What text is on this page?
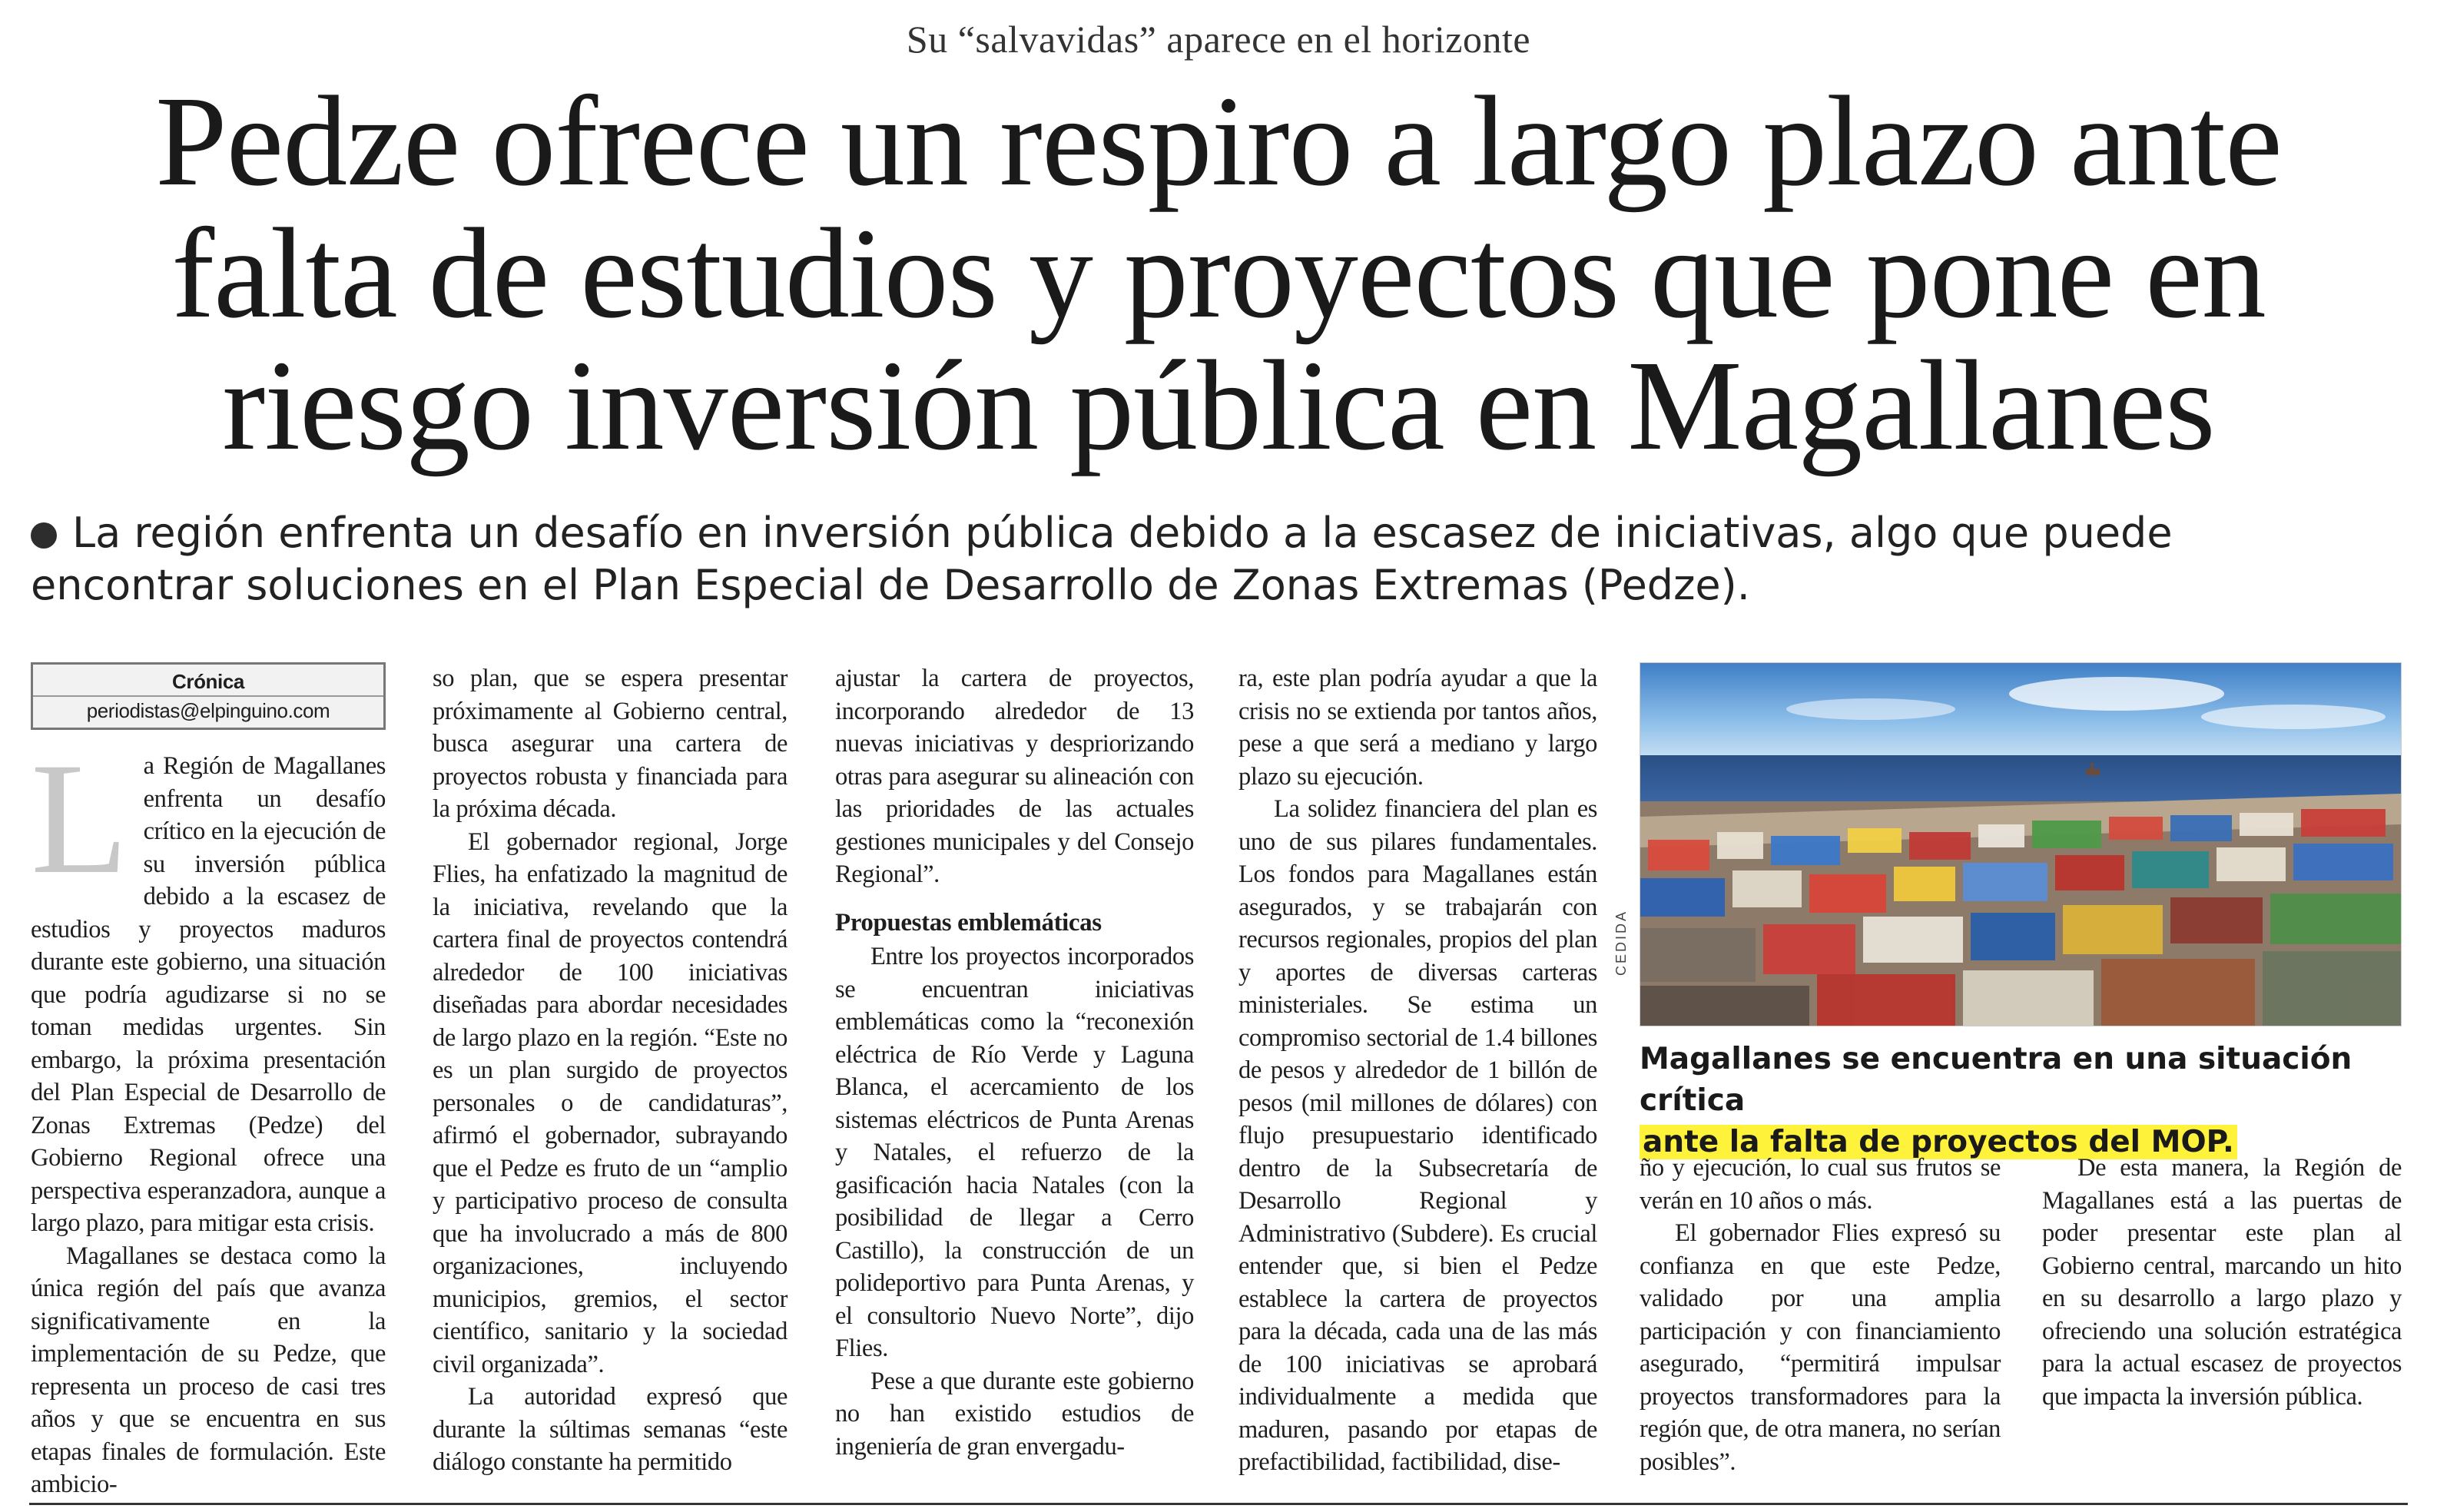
Su “salvavidas” aparece en el horizonte
Pedze ofrece un respiro a largo plazo ante falta de estudios y proyectos que pone en riesgo inversión pública en Magallanes
La región enfrenta un desafío en inversión pública debido a la escasez de iniciativas, algo que puede encontrar soluciones en el Plan Especial de Desarrollo de Zonas Extremas (Pedze).
Crónica
periodistas@elpinguino.com

La Región de Magallanes enfrenta un desafío crítico en la ejecución de su inversión pública debido a la escasez de estudios y proyectos maduros durante este gobierno, una situación que podría agudizarse si no se toman medidas urgentes. Sin embargo, la próxima presentación del Plan Especial de Desarrollo de Zonas Extremas (Pedze) del Gobierno Regional ofrece una perspectiva esperanzadora, aunque a largo plazo, para mitigar esta crisis.

Magallanes se destaca como la única región del país que avanza significativamente en la implementación de su Pedze, que representa un proceso de casi tres años y que se encuentra en sus etapas finales de formulación. Este ambicio-

so plan, que se espera presentar próximamente al Gobierno central, busca asegurar una cartera de proyectos robusta y financiada para la próxima década.

El gobernador regional, Jorge Flies, ha enfatizado la magnitud de la iniciativa, revelando que la cartera final de proyectos contendrá alrededor de 100 iniciativas diseñadas para abordar necesidades de largo plazo en la región. “Este no es un plan surgido de proyectos personales o de candidaturas”, afirmó el gobernador, subrayando que el Pedze es fruto de un “amplio y participativo proceso de consulta que ha involucrado a más de 800 organizaciones, incluyendo municipios, gremios, el sector científico, sanitario y la sociedad civil organizada”.

La autoridad expresó que durante la súltimas semanas “este diálogo constante ha permitido

ajustar la cartera de proyectos, incorporando alrededor de 13 nuevas iniciativas y despriorizando otras para asegurar su alineación con las prioridades de las actuales gestiones municipales y del Consejo Regional”.

Propuestas emblemáticas

Entre los proyectos incorporados se encuentran iniciativas emblemáticas como la “reconexión eléctrica de Río Verde y Laguna Blanca, el acercamiento de los sistemas eléctricos de Punta Arenas y Natales, el refuerzo de la gasificación hacia Natales (con la posibilidad de llegar a Cerro Castillo), la construcción de un polideportivo para Punta Arenas, y el consultorio Nuevo Norte”, dijo Flies.

Pese a que durante este gobierno no han existido estudios de ingeniería de gran envergadu-

ra, este plan podría ayudar a que la crisis no se extienda por tantos años, pese a que será a mediano y largo plazo su ejecución.

La solidez financiera del plan es uno de sus pilares fundamentales. Los fondos para Magallanes están asegurados, y se trabajarán con recursos regionales, propios del plan y aportes de diversas carteras ministeriales. Se estima un compromiso sectorial de 1.4 billones de pesos y alrededor de 1 billón de pesos (mil millones de dólares) con flujo presupuestario identificado dentro de la Subsecretaría de Desarrollo Regional y Administrativo (Subdere). Es crucial entender que, si bien el Pedze establece la cartera de proyectos para la década, cada una de las más de 100 iniciativas se aprobará individualmente a medida que maduren, pasando por etapas de prefactibilidad, factibilidad, dise-

CEDIDA
Magallanes se encuentra en una situación crítica
ante la falta de proyectos del MOP.

ño y ejecución, lo cual sus frutos se verán en 10 años o más.

El gobernador Flies expresó su confianza en que este Pedze, validado por una amplia participación y con financiamiento asegurado, “permitirá impulsar proyectos transformadores para la región que, de otra manera, no serían posibles”.

De esta manera, la Región de Magallanes está a las puertas de poder presentar este plan al Gobierno central, marcando un hito en su desarrollo a largo plazo y ofreciendo una solución estratégica para la actual escasez de proyectos que impacta la inversión pública.
